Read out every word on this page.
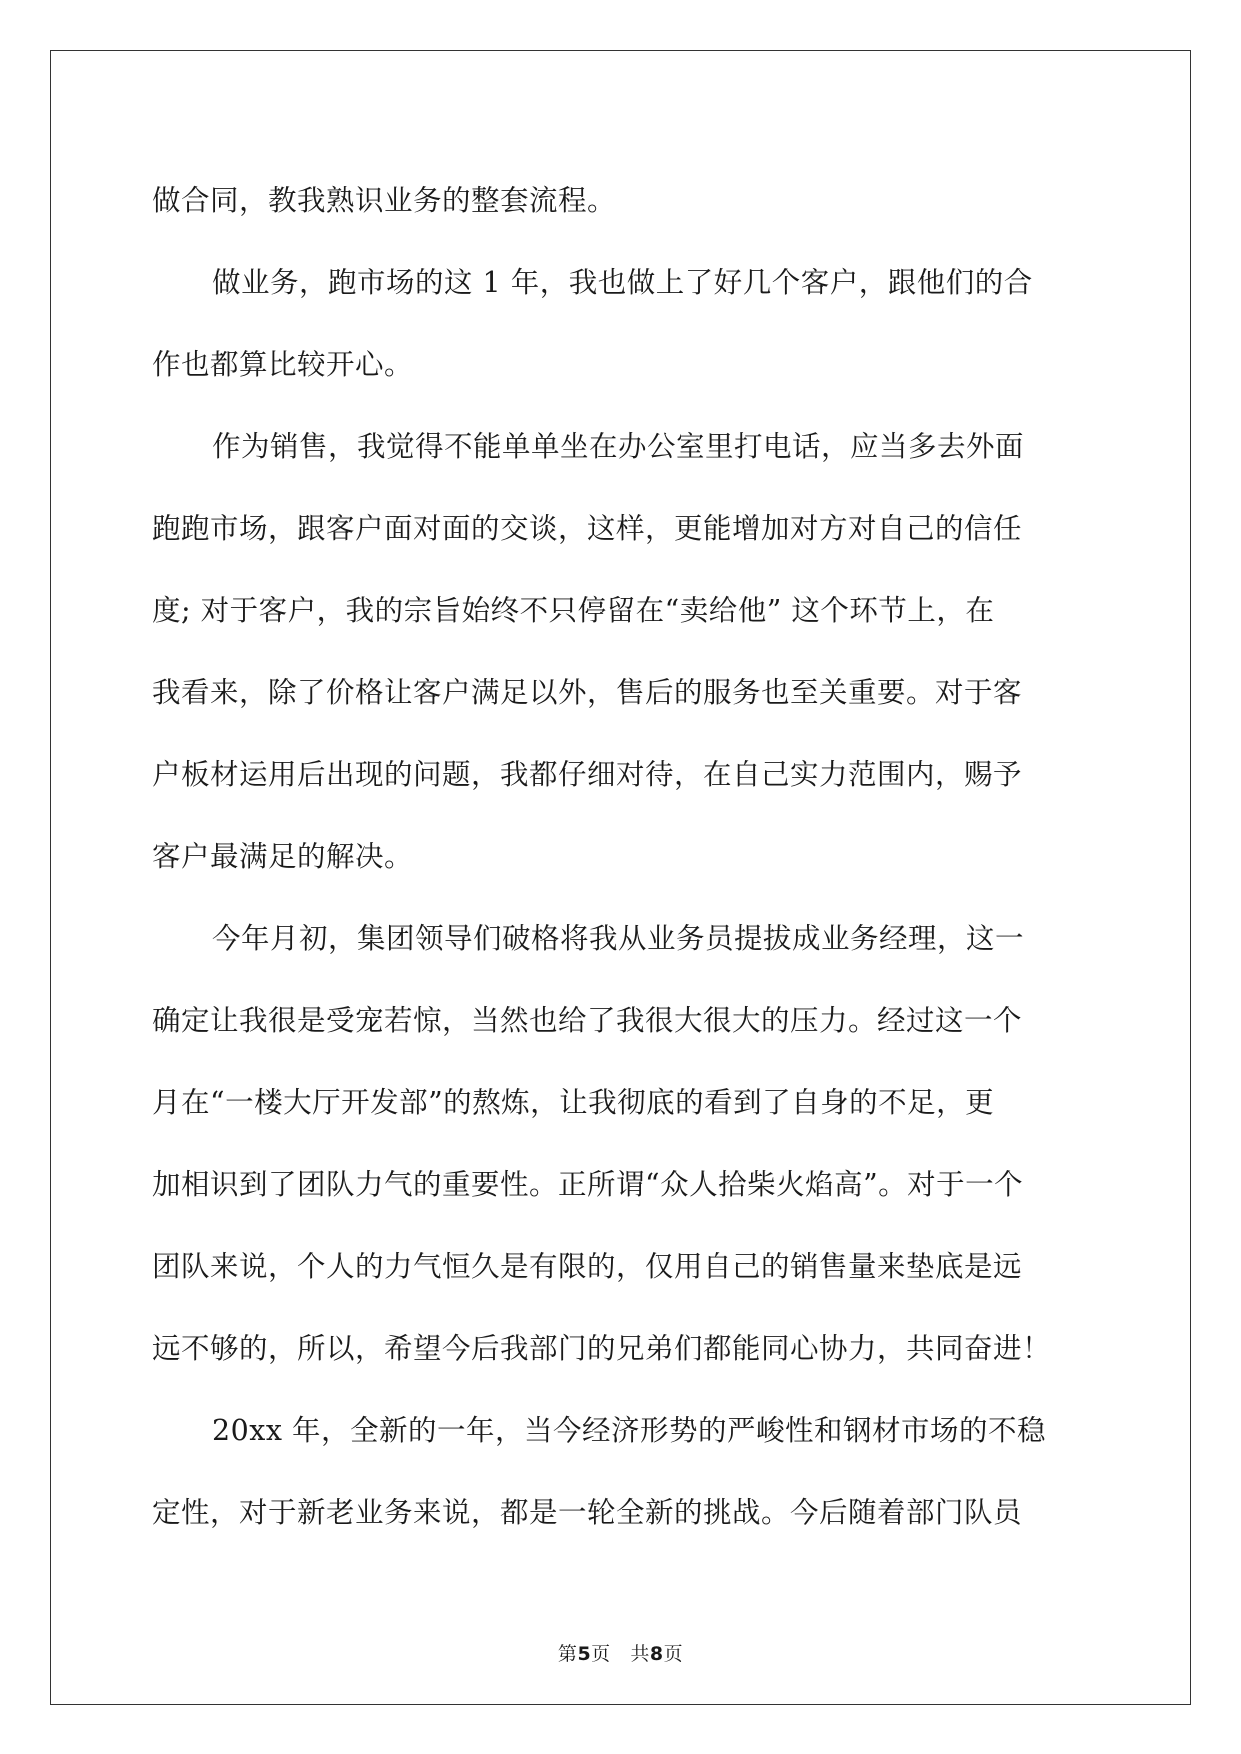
做合同，教我熟识业务的整套流程。
做业务，跑市场的这 1 年，我也做上了好几个客户，跟他们的合
作也都算比较开心。
作为销售，我觉得不能单单坐在办公室里打电话，应当多去外面
跑跑市场，跟客户面对面的交谈，这样，更能增加对方对自己的信任
度; 对于客户，我的宗旨始终不只停留在“卖给他” 这个环节上，在
我看来，除了价格让客户满足以外，售后的服务也至关重要。对于客
户板材运用后出现的问题，我都仔细对待，在自己实力范围内，赐予
客户最满足的解决。
今年月初，集团领导们破格将我从业务员提拔成业务经理，这一
确定让我很是受宠若惊，当然也给了我很大很大的压力。经过这一个
月在“一楼大厅开发部”的熬炼，让我彻底的看到了自身的不足，更
加相识到了团队力气的重要性。正所谓“众人拾柴火焰高”。对于一个
团队来说，个人的力气恒久是有限的，仅用自己的销售量来垫底是远
远不够的，所以，希望今后我部门的兄弟们都能同心协力，共同奋进！
20xx 年，全新的一年，当今经济形势的严峻性和钢材市场的不稳
定性，对于新老业务来说，都是一轮全新的挑战。今后随着部门队员
第5页 共8页
